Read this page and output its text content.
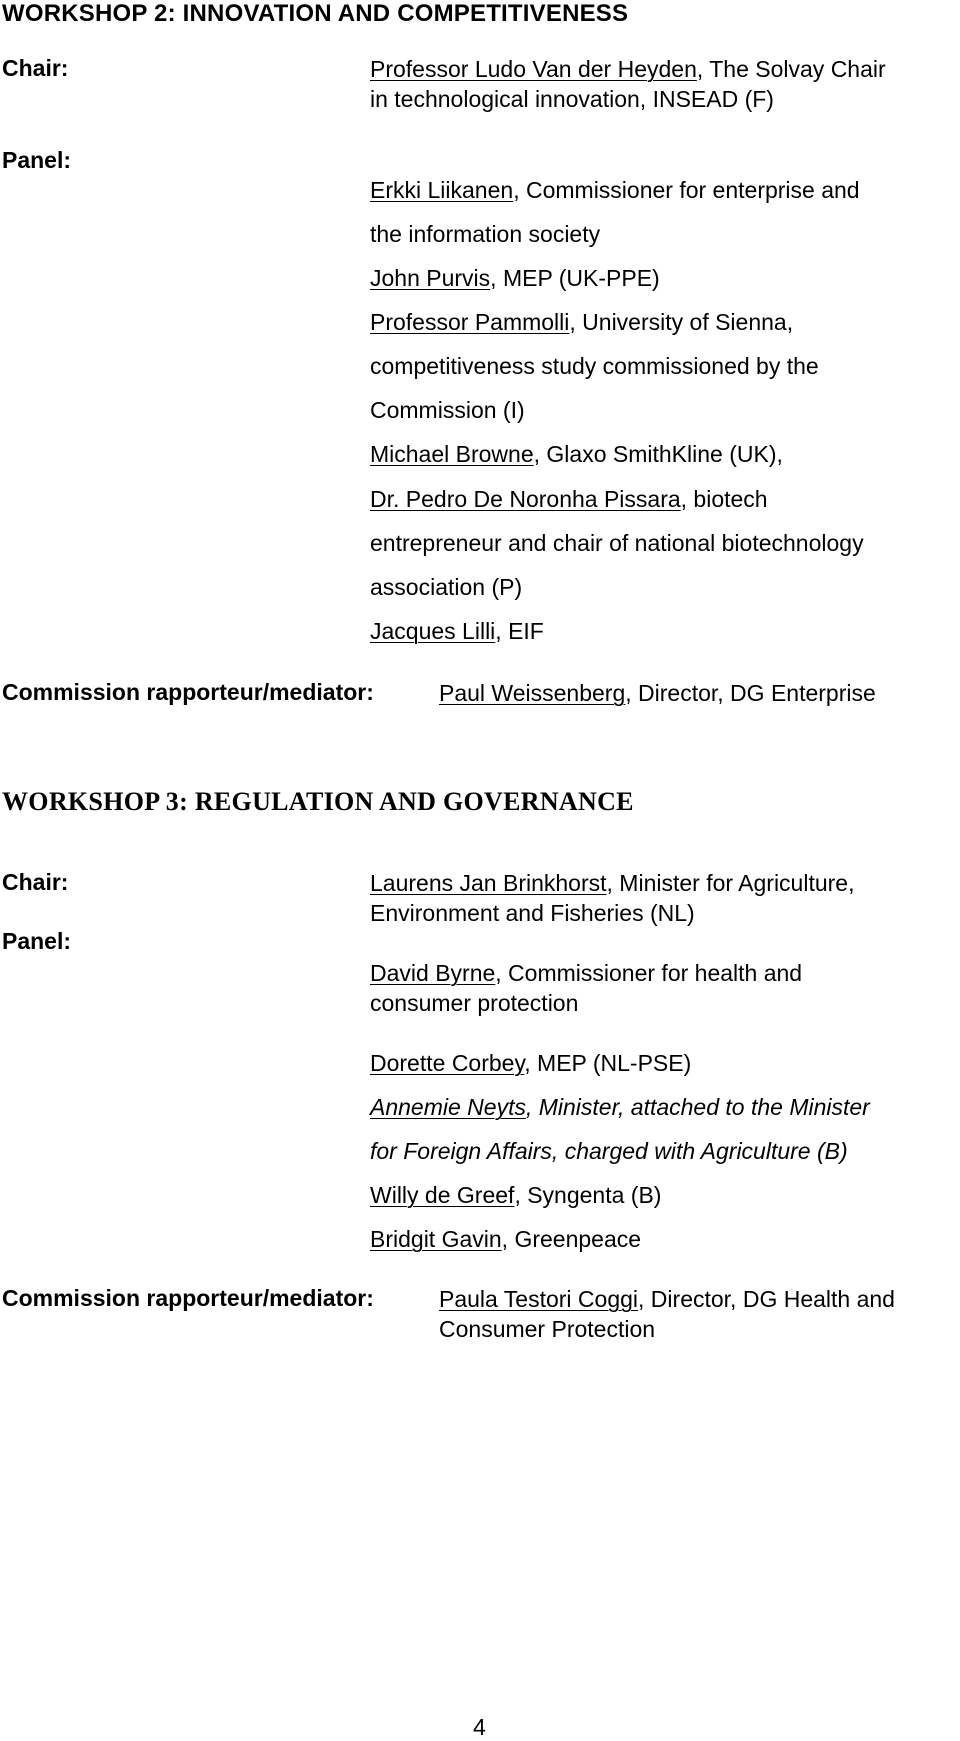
WORKSHOP 2: INNOVATION AND COMPETITIVENESS
Chair:	Professor Ludo Van der Heyden, The Solvay Chair
in technological innovation, INSEAD (F)
Panel:
Erkki Liikanen, Commissioner for enterprise and
the information society
John Purvis, MEP (UK-PPE)
Professor Pammolli, University of Sienna,
competitiveness study commissioned by the
Commission (I)
Michael Browne, Glaxo SmithKline (UK),
Dr. Pedro De Noronha Pissara, biotech
entrepreneur and chair of national biotechnology
association (P)
Jacques Lilli, EIF
Commission rapporteur/mediator:	Paul Weissenberg, Director, DG Enterprise
WORKSHOP 3: REGULATION AND GOVERNANCE
Chair:	Laurens Jan Brinkhorst, Minister for Agriculture,
Environment and Fisheries (NL)
Panel:
David Byrne, Commissioner for health and
consumer protection
Dorette Corbey, MEP (NL-PSE)
Annemie Neyts, Minister, attached to the Minister
for Foreign Affairs, charged with Agriculture (B)
Willy de Greef, Syngenta (B)
Bridgit Gavin, Greenpeace
Commission rapporteur/mediator:	Paula Testori Coggi, Director, DG Health and
Consumer Protection
4
